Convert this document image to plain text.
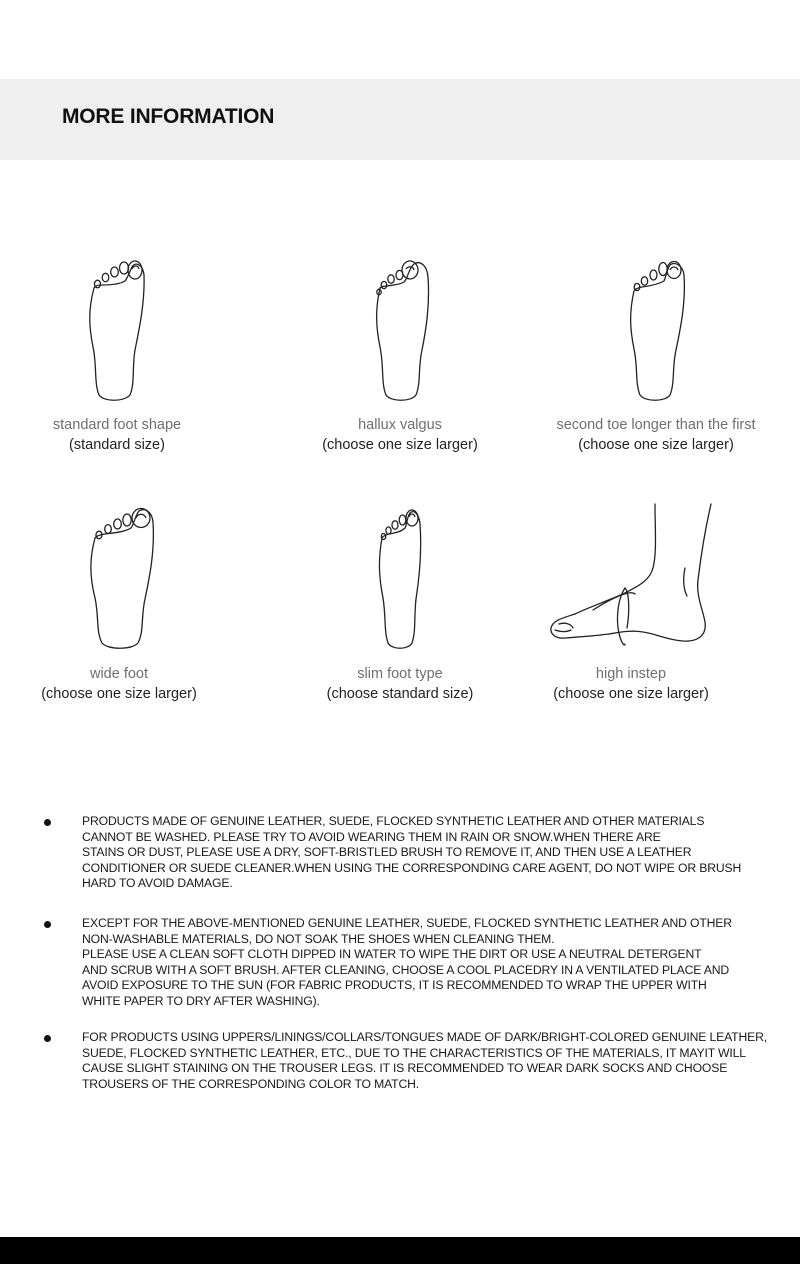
MORE INFORMATION
standard foot shape
(standard size)
hallux valgus
(choose one size larger)
second toe longer than the first
(choose one size larger)
wide foot
(choose one size larger)
slim foot type
(choose standard size)
high instep
(choose one size larger)
PRODUCTS MADE OF GENUINE LEATHER, SUEDE, FLOCKED SYNTHETIC LEATHER AND OTHER MATERIALS
CANNOT BE WASHED. PLEASE TRY TO AVOID WEARING THEM IN RAIN OR SNOW.WHEN THERE ARE
STAINS OR DUST, PLEASE USE A DRY, SOFT-BRISTLED BRUSH TO REMOVE IT, AND THEN USE A LEATHER
CONDITIONER OR SUEDE CLEANER.WHEN USING THE CORRESPONDING CARE AGENT, DO NOT WIPE OR BRUSH
HARD TO AVOID DAMAGE.
EXCEPT FOR THE ABOVE-MENTIONED GENUINE LEATHER, SUEDE, FLOCKED SYNTHETIC LEATHER AND OTHER
NON-WASHABLE MATERIALS, DO NOT SOAK THE SHOES WHEN CLEANING THEM.
PLEASE USE A CLEAN SOFT CLOTH DIPPED IN WATER TO WIPE THE DIRT OR USE A NEUTRAL DETERGENT
AND SCRUB WITH A SOFT BRUSH. AFTER CLEANING, CHOOSE A COOL PLACEDRY IN A VENTILATED PLACE AND
AVOID EXPOSURE TO THE SUN (FOR FABRIC PRODUCTS, IT IS RECOMMENDED TO WRAP THE UPPER WITH
WHITE PAPER TO DRY AFTER WASHING).
FOR PRODUCTS USING UPPERS/LININGS/COLLARS/TONGUES MADE OF DARK/BRIGHT-COLORED GENUINE LEATHER,
SUEDE, FLOCKED SYNTHETIC LEATHER, ETC., DUE TO THE CHARACTERISTICS OF THE MATERIALS, IT MAYIT WILL
CAUSE SLIGHT STAINING ON THE TROUSER LEGS. IT IS RECOMMENDED TO WEAR DARK SOCKS AND CHOOSE
TROUSERS OF THE CORRESPONDING COLOR TO MATCH.
